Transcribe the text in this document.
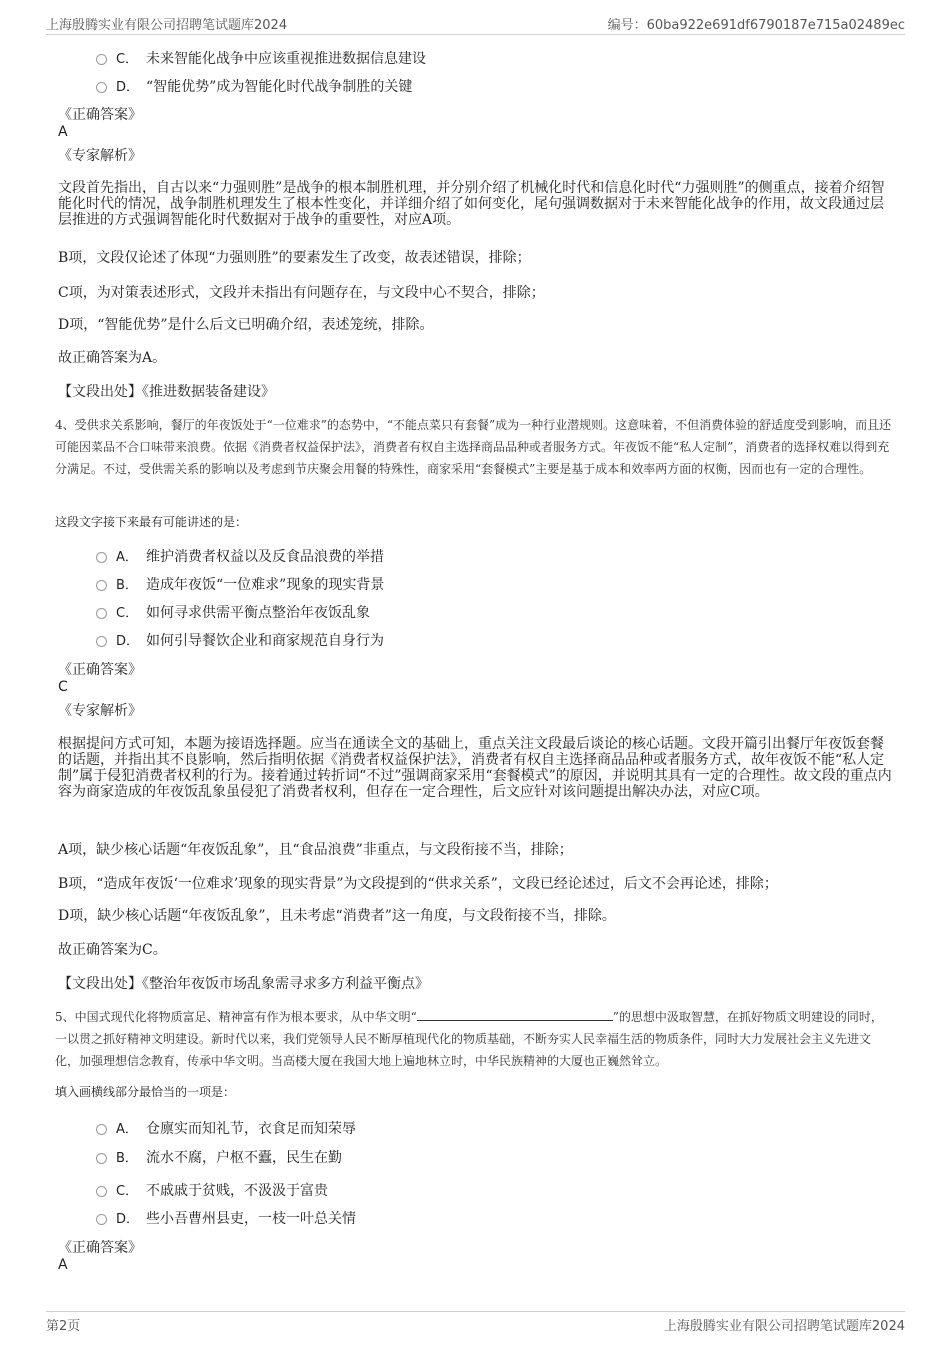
上海殷腾实业有限公司招聘笔试题库2024	编号：60ba922e691df6790187e715a02489ec
C． 未来智能化战争中应该重视推进数据信息建设
D． “智能优势”成为智能化时代战争制胜的关键
《正确答案》
A
《专家解析》
文段首先指出，自古以来“力强则胜”是战争的根本制胜机理，并分别介绍了机械化时代和信息化时代“力强则胜”的侧重点，接着介绍智能化时代的情况，战争制胜机理发生了根本性变化，并详细介绍了如何变化，尾句强调数据对于未来智能化战争的作用，故文段通过层层推进的方式强调智能化时代数据对于战争的重要性，对应A项。
B项，文段仅论述了体现“力强则胜”的要素发生了改变，故表述错误，排除；
C项，为对策表述形式，文段并未指出有问题存在，与文段中心不契合，排除；
D项，“智能优势”是什么后文已明确介绍，表述笼统，排除。
故正确答案为A。
【文段出处】《推进数据装备建设》
4、受供求关系影响，餐厅的年夜饭处于“一位难求”的态势中，“不能点菜只有套餐”成为一种行业潜规则。这意味着，不但消费体验的舒适度受到影响，而且还可能因菜品不合口味带来浪费。依据《消费者权益保护法》，消费者有权自主选择商品品种或者服务方式。年夜饭不能“私人定制”，消费者的选择权难以得到充分满足。不过，受供需关系的影响以及考虑到节庆聚会用餐的特殊性，商家采用“套餐模式”主要是基于成本和效率两方面的权衡，因而也有一定的合理性。
这段文字接下来最有可能讲述的是：
A． 维护消费者权益以及反食品浪费的举措
B． 造成年夜饭“一位难求”现象的现实背景
C． 如何寻求供需平衡点整治年夜饭乱象
D． 如何引导餐饮企业和商家规范自身行为
《正确答案》
C
《专家解析》
根据提问方式可知，本题为接语选择题。应当在通读全文的基础上，重点关注文段最后谈论的核心话题。文段开篇引出餐厅年夜饭套餐的话题，并指出其不良影响，然后指明依据《消费者权益保护法》，消费者有权自主选择商品品种或者服务方式，故年夜饭不能“私人定制”属于侵犯消费者权利的行为。接着通过转折词“不过”强调商家采用“套餐模式”的原因，并说明其具有一定的合理性。故文段的重点内容为商家造成的年夜饭乱象虽侵犯了消费者权利，但存在一定合理性，后文应针对该问题提出解决办法，对应C项。
A项，缺少核心话题“年夜饭乱象”，且“食品浪费”非重点，与文段衔接不当，排除；
B项，“造成年夜饭‘一位难求’现象的现实背景”为文段提到的“供求关系”，文段已经论述过，后文不会再论述，排除；
D项，缺少核心话题“年夜饭乱象”，且未考虑“消费者”这一角度，与文段衔接不当，排除。
故正确答案为C。
【文段出处】《整治年夜饭市场乱象需寻求多方利益平衡点》
5、中国式现代化将物质富足、精神富有作为根本要求，从中华文明“	”的思想中汲取智慧，在抓好物质文明建设的同时，一以贯之抓好精神文明建设。新时代以来，我们党领导人民不断厚植现代化的物质基础，不断夯实人民幸福生活的物质条件，同时大力发展社会主义先进文化，加强理想信念教育，传承中华文明。当高楼大厦在我国大地上遍地林立时，中华民族精神的大厦也正巍然耸立。
填入画横线部分最恰当的一项是：
A． 仓廪实而知礼节，衣食足而知荣辱
B． 流水不腐，户枢不蠹，民生在勤
C． 不戚戚于贫贱，不汲汲于富贵
D． 些小吾曹州县吏，一枝一叶总关情
《正确答案》
A
第2页	上海殷腾实业有限公司招聘笔试题库2024
